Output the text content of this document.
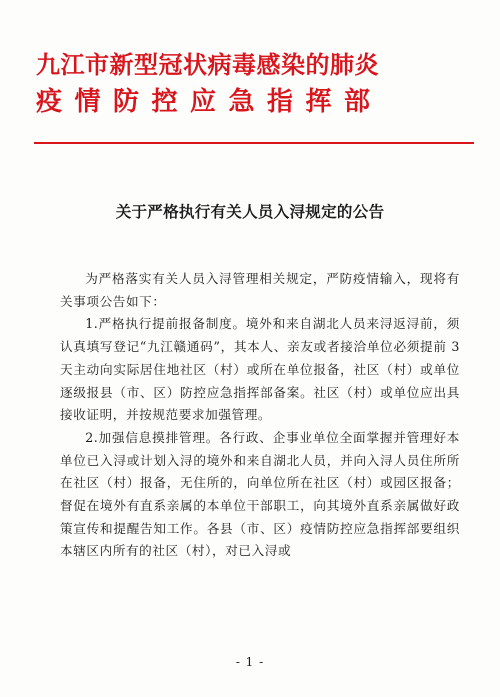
九江市新型冠状病毒感染的肺炎
疫情防控应急指挥部
关于严格执行有关人员入浔规定的公告

为严格落实有关人员入浔管理相关规定，严防疫情输入，现将有关事项公告如下：

1.严格执行提前报备制度。境外和来自湖北人员来浔返浔前，须认真填写登记“九江赣通码”，其本人、亲友或者接洽单位必须提前 3 天主动向实际居住地社区（村）或所在单位报备，社区（村）或单位逐级报县（市、区）防控应急指挥部备案。社区（村）或单位应出具接收证明，并按规范要求加强管理。

2.加强信息摸排管理。各行政、企事业单位全面掌握并管理好本单位已入浔或计划入浔的境外和来自湖北人员，并向入浔人员住所所在社区（村）报备，无住所的，向单位所在社区（村）或园区报备；督促在境外有直系亲属的本单位干部职工，向其境外直系亲属做好政策宣传和提醒告知工作。各县（市、区）疫情防控应急指挥部要组织本辖区内所有的社区（村），对已入浔或

- 1 -
